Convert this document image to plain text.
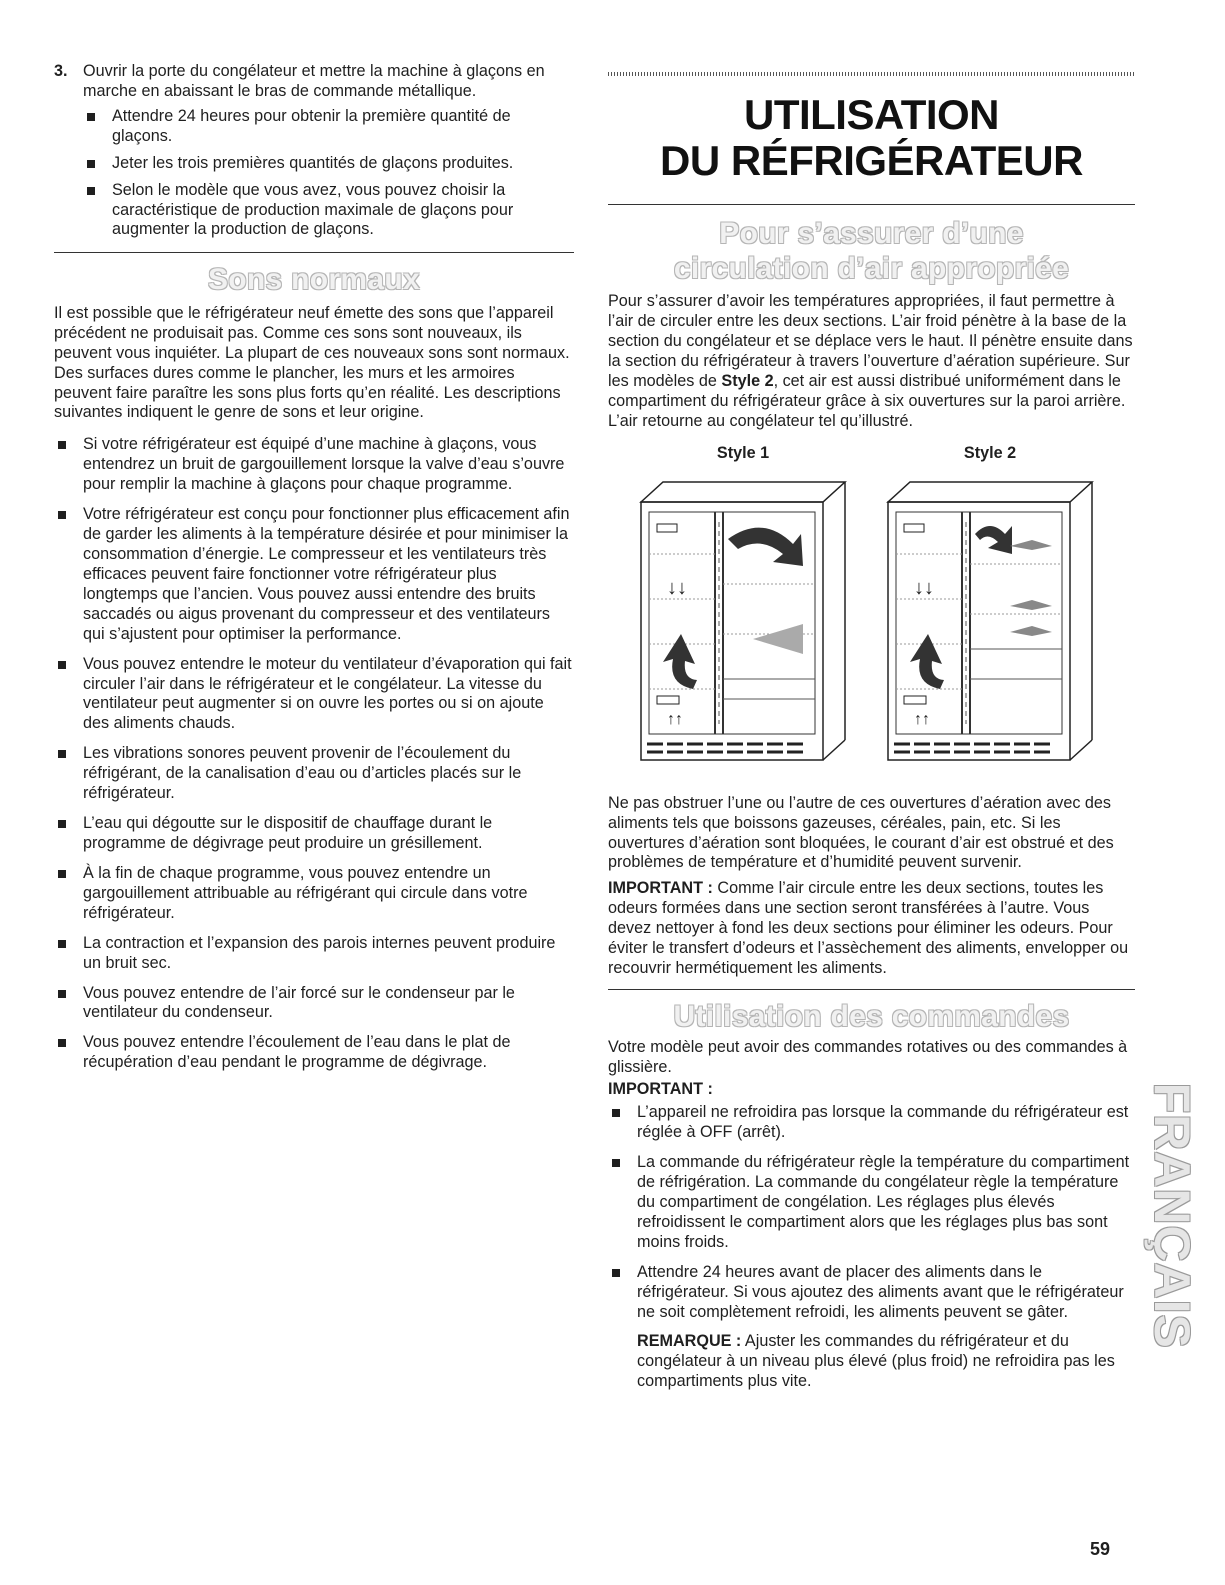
3. Ouvrir la porte du congélateur et mettre la machine à glaçons en marche en abaissant le bras de commande métallique.
Attendre 24 heures pour obtenir la première quantité de glaçons.
Jeter les trois premières quantités de glaçons produites.
Selon le modèle que vous avez, vous pouvez choisir la caractéristique de production maximale de glaçons pour augmenter la production de glaçons.
Sons normaux

Il est possible que le réfrigérateur neuf émette des sons que l’appareil précédent ne produisait pas. Comme ces sons sont nouveaux, ils peuvent vous inquiéter. La plupart de ces nouveaux sons sont normaux. Des surfaces dures comme le plancher, les murs et les armoires peuvent faire paraître les sons plus forts qu’en réalité. Les descriptions suivantes indiquent le genre de sons et leur origine.

Si votre réfrigérateur est équipé d’une machine à glaçons, vous entendrez un bruit de gargouillement lorsque la valve d’eau s’ouvre pour remplir la machine à glaçons pour chaque programme.
Votre réfrigérateur est conçu pour fonctionner plus efficacement afin de garder les aliments à la température désirée et pour minimiser la consommation d’énergie. Le compresseur et les ventilateurs très efficaces peuvent faire fonctionner votre réfrigérateur plus longtemps que l’ancien. Vous pouvez aussi entendre des bruits saccadés ou aigus provenant du compresseur et des ventilateurs qui s’ajustent pour optimiser la performance.
Vous pouvez entendre le moteur du ventilateur d’évaporation qui fait circuler l’air dans le réfrigérateur et le congélateur. La vitesse du ventilateur peut augmenter si on ouvre les portes ou si on ajoute des aliments chauds.
Les vibrations sonores peuvent provenir de l’écoulement du réfrigérant, de la canalisation d’eau ou d’articles placés sur le réfrigérateur.
L’eau qui dégoutte sur le dispositif de chauffage durant le programme de dégivrage peut produire un grésillement.
À la fin de chaque programme, vous pouvez entendre un gargouillement attribuable au réfrigérant qui circule dans votre réfrigérateur.
La contraction et l’expansion des parois internes peuvent produire un bruit sec.
Vous pouvez entendre de l’air forcé sur le condenseur par le ventilateur du condenseur.
Vous pouvez entendre l’écoulement de l’eau dans le plat de récupération d’eau pendant le programme de dégivrage.
UTILISATION
DU RÉFRIGÉRATEUR
Pour s’assurer d’une circulation d’air appropriée

Pour s’assurer d’avoir les températures appropriées, il faut permettre à l’air de circuler entre les deux sections. L’air froid pénètre à la base de la section du congélateur et se déplace vers le haut. Il pénètre ensuite dans la section du réfrigérateur à travers l’ouverture d’aération supérieure. Sur les modèles de Style 2, cet air est aussi distribué uniformément dans le compartiment du réfrigérateur grâce à six ouvertures sur la paroi arrière. L’air retourne au congélateur tel qu’illustré.

Style 1
↓↓
↑↑
Style 2
↓↓
↑↑

Ne pas obstruer l’une ou l’autre de ces ouvertures d’aération avec des aliments tels que boissons gazeuses, céréales, pain, etc. Si les ouvertures d’aération sont bloquées, le courant d’air est obstrué et des problèmes de température et d’humidité peuvent survenir.

IMPORTANT : Comme l’air circule entre les deux sections, toutes les odeurs formées dans une section seront transférées à l’autre. Vous devez nettoyer à fond les deux sections pour éliminer les odeurs. Pour éviter le transfert d’odeurs et l’assèchement des aliments, envelopper ou recouvrir hermétiquement les aliments.

Utilisation des commandes

Votre modèle peut avoir des commandes rotatives ou des commandes à glissière.

IMPORTANT :

L’appareil ne refroidira pas lorsque la commande du réfrigérateur est réglée à OFF (arrêt).
La commande du réfrigérateur règle la température du compartiment de réfrigération. La commande du congélateur règle la température du compartiment de congélation. Les réglages plus élevés refroidissent le compartiment alors que les réglages plus bas sont moins froids.
Attendre 24 heures avant de placer des aliments dans le réfrigérateur. Si vous ajoutez des aliments avant que le réfrigérateur ne soit complètement refroidi, les aliments peuvent se gâter.

REMARQUE : Ajuster les commandes du réfrigérateur et du congélateur à un niveau plus élevé (plus froid) ne refroidira pas les compartiments plus vite.

FRANÇAIS
59
